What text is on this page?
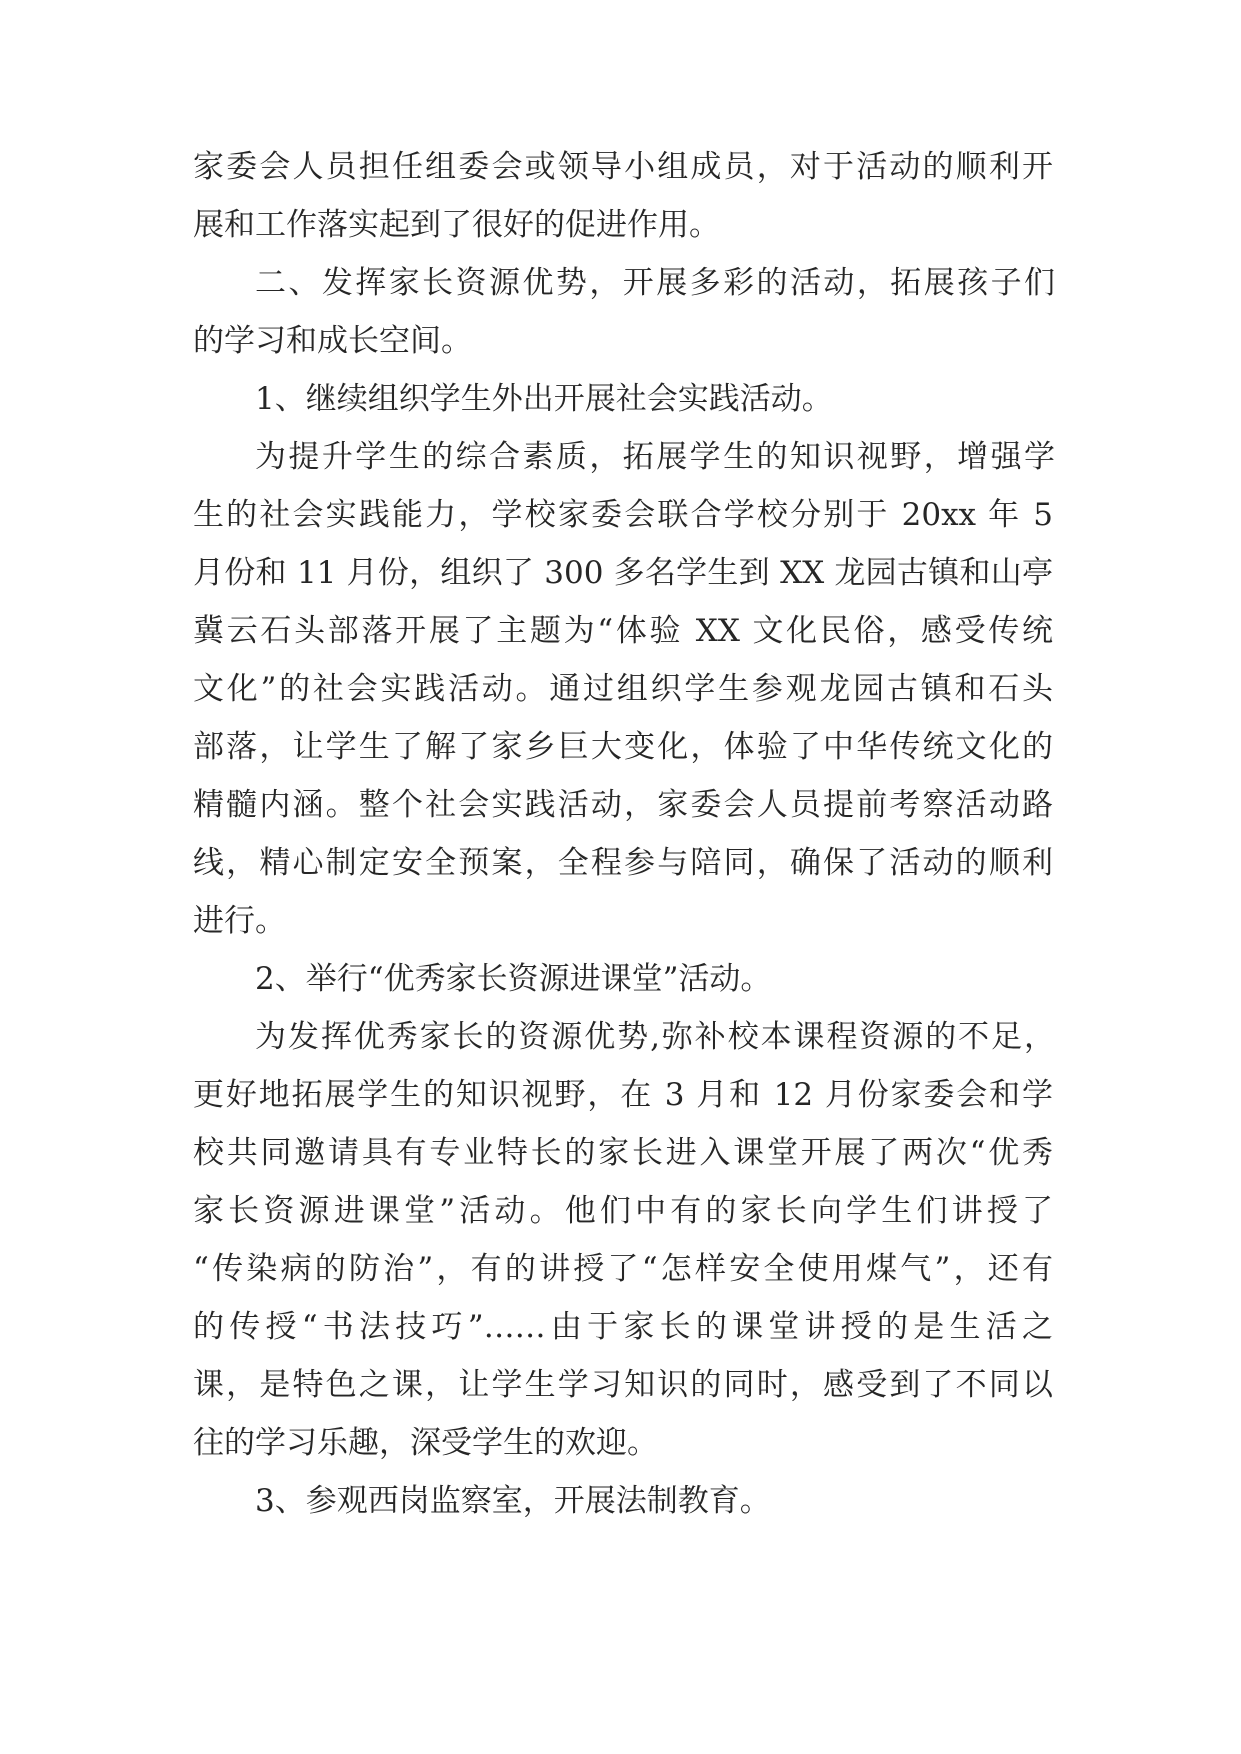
家委会人员担任组委会或领导小组成员，对于活动的顺利开
展和工作落实起到了很好的促进作用。
二、发挥家长资源优势，开展多彩的活动，拓展孩子们
的学习和成长空间。
1、继续组织学生外出开展社会实践活动。
为提升学生的综合素质，拓展学生的知识视野，增强学
生的社会实践能力，学校家委会联合学校分别于 20xx 年 5
月份和 11 月份，组织了 300 多名学生到 XX 龙园古镇和山亭
冀云石头部落开展了主题为“体验 XX 文化民俗，感受传统
文化”的社会实践活动。通过组织学生参观龙园古镇和石头
部落，让学生了解了家乡巨大变化，体验了中华传统文化的
精髓内涵。整个社会实践活动，家委会人员提前考察活动路
线，精心制定安全预案，全程参与陪同，确保了活动的顺利
进行。
2、举行“优秀家长资源进课堂”活动。
为发挥优秀家长的资源优势,弥补校本课程资源的不足，
更好地拓展学生的知识视野，在 3 月和 12 月份家委会和学
校共同邀请具有专业特长的家长进入课堂开展了两次“优秀
家长资源进课堂”活动。他们中有的家长向学生们讲授了
“传染病的防治”，有的讲授了“怎样安全使用煤气”，还有
的传授“书法技巧”……由于家长的课堂讲授的是生活之
课，是特色之课，让学生学习知识的同时，感受到了不同以
往的学习乐趣，深受学生的欢迎。
3、参观西岗监察室，开展法制教育。
